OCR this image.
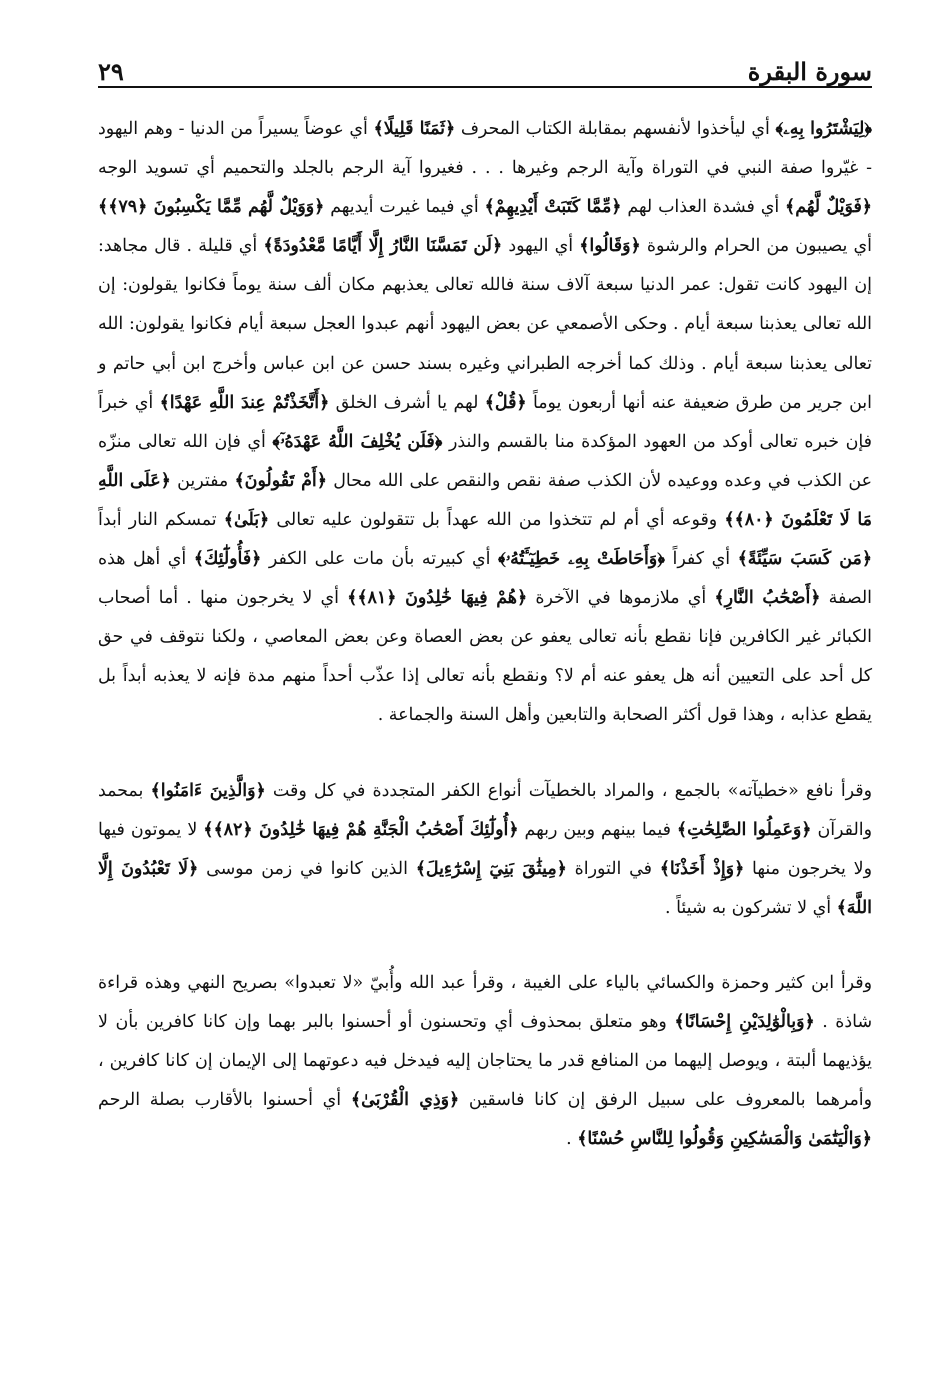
سورة البقرة
٢٩

﴿لِيَشْتَرُوا بِهِۦ﴾ أي ليأخذوا لأنفسهم بمقابلة الكتاب المحرف ﴿ثَمَنًا قَلِيلًا﴾ أي عوضاً يسيراً من الدنيا - وهم اليهود - غيّروا صفة النبي في التوراة وآية الرجم وغيرها . . . فغيروا آية الرجم بالجلد والتحميم أي تسويد الوجه ﴿فَوَيْلٌ لَّهُم﴾ أي فشدة العذاب لهم ﴿مِّمَّا كَتَبَتْ أَيْدِيهِمْ﴾ أي فيما غيرت أيديهم ﴿وَوَيْلٌ لَّهُم مِّمَّا يَكْسِبُونَ ﴿٧٩﴾﴾ أي يصيبون من الحرام والرشوة ﴿وَقَالُوا﴾ أي اليهود ﴿لَن تَمَسَّنَا النَّارُ إِلَّا أَيَّامًا مَّعْدُودَةً﴾ أي قليلة . قال مجاهد: إن اليهود كانت تقول: عمر الدنيا سبعة آلاف سنة فالله تعالى يعذبهم مكان ألف سنة يوماً فكانوا يقولون: إن الله تعالى يعذبنا سبعة أيام . وحكى الأصمعي عن بعض اليهود أنهم عبدوا العجل سبعة أيام فكانوا يقولون: الله تعالى يعذبنا سبعة أيام . وذلك كما أخرجه الطبراني وغيره بسند حسن عن ابن عباس وأخرج ابن أبي حاتم و ابن جرير من طرق ضعيفة عنه أنها أربعون يوماً ﴿قُلْ﴾ لهم يا أشرف الخلق ﴿أَتَّخَذْتُمْ عِندَ اللَّهِ عَهْدًا﴾ أي خبراً فإن خبره تعالى أوكد من العهود المؤكدة منا بالقسم والنذر ﴿فَلَن يُخْلِفَ اللَّهُ عَهْدَهُۥٓ﴾ أي فإن الله تعالى منزّه عن الكذب في وعده ووعيده لأن الكذب صفة نقص والنقص على الله محال ﴿أَمْ تَقُولُونَ﴾ مفترين ﴿عَلَى اللَّهِ مَا لَا تَعْلَمُونَ ﴿٨٠﴾﴾ وقوعه أي أم لم تتخذوا من الله عهداً بل تتقولون عليه تعالى ﴿بَلَىٰ﴾ تمسكم النار أبداً ﴿مَن كَسَبَ سَيِّئَةً﴾ أي كفراً ﴿وَأَحَاطَتْ بِهِۦ خَطِيٓـَٔتُهُۥ﴾ أي كبيرته بأن مات على الكفر ﴿فَأُولَٰٓئِكَ﴾ أي أهل هذه الصفة ﴿أَصْحَٰبُ النَّارِ﴾ أي ملازموها في الآخرة ﴿هُمْ فِيهَا خَٰلِدُونَ ﴿٨١﴾﴾ أي لا يخرجون منها . أما أصحاب الكبائر غير الكافرين فإنا نقطع بأنه تعالى يعفو عن بعض العصاة وعن بعض المعاصي ، ولكنا نتوقف في حق كل أحد على التعيين أنه هل يعفو عنه أم لا؟ ونقطع بأنه تعالى إذا عذّب أحداً منهم مدة فإنه لا يعذبه أبداً بل يقطع عذابه ، وهذا قول أكثر الصحابة والتابعين وأهل السنة والجماعة .

وقرأ نافع «خطيآته» بالجمع ، والمراد بالخطيآت أنواع الكفر المتجددة في كل وقت ﴿وَالَّذِينَ ءَامَنُوا﴾ بمحمد والقرآن ﴿وَعَمِلُوا الصَّٰلِحَٰتِ﴾ فيما بينهم وبين ربهم ﴿أُولَٰٓئِكَ أَصْحَٰبُ الْجَنَّةِ هُمْ فِيهَا خَٰلِدُونَ ﴿٨٢﴾﴾ لا يموتون فيها ولا يخرجون منها ﴿وَإِذْ أَخَذْنَا﴾ في التوراة ﴿مِيثَٰقَ بَنِيٓ إِسْرَٰٓءِيلَ﴾ الذين كانوا في زمن موسى ﴿لَا تَعْبُدُونَ إِلَّا اللَّهَ﴾ أي لا تشركون به شيئاً .

وقرأ ابن كثير وحمزة والكسائي بالياء على الغيبة ، وقرأ عبد الله وأُبيّ «لا تعبدوا» بصريح النهي وهذه قراءة شاذة . ﴿وَبِالْوَٰلِدَيْنِ إِحْسَانًا﴾ وهو متعلق بمحذوف أي وتحسنون أو أحسنوا بالبر بهما وإن كانا كافرين بأن لا يؤذيهما ألبتة ، ويوصل إليهما من المنافع قدر ما يحتاجان إليه فيدخل فيه دعوتهما إلى الإيمان إن كانا كافرين ، وأمرهما بالمعروف على سبيل الرفق إن كانا فاسقين ﴿وَذِي الْقُرْبَىٰ﴾ أي أحسنوا بالأقارب بصلة الرحم ﴿وَالْيَتَٰمَىٰ وَالْمَسَٰكِينِ وَقُولُوا لِلنَّاسِ حُسْنًا﴾ .
